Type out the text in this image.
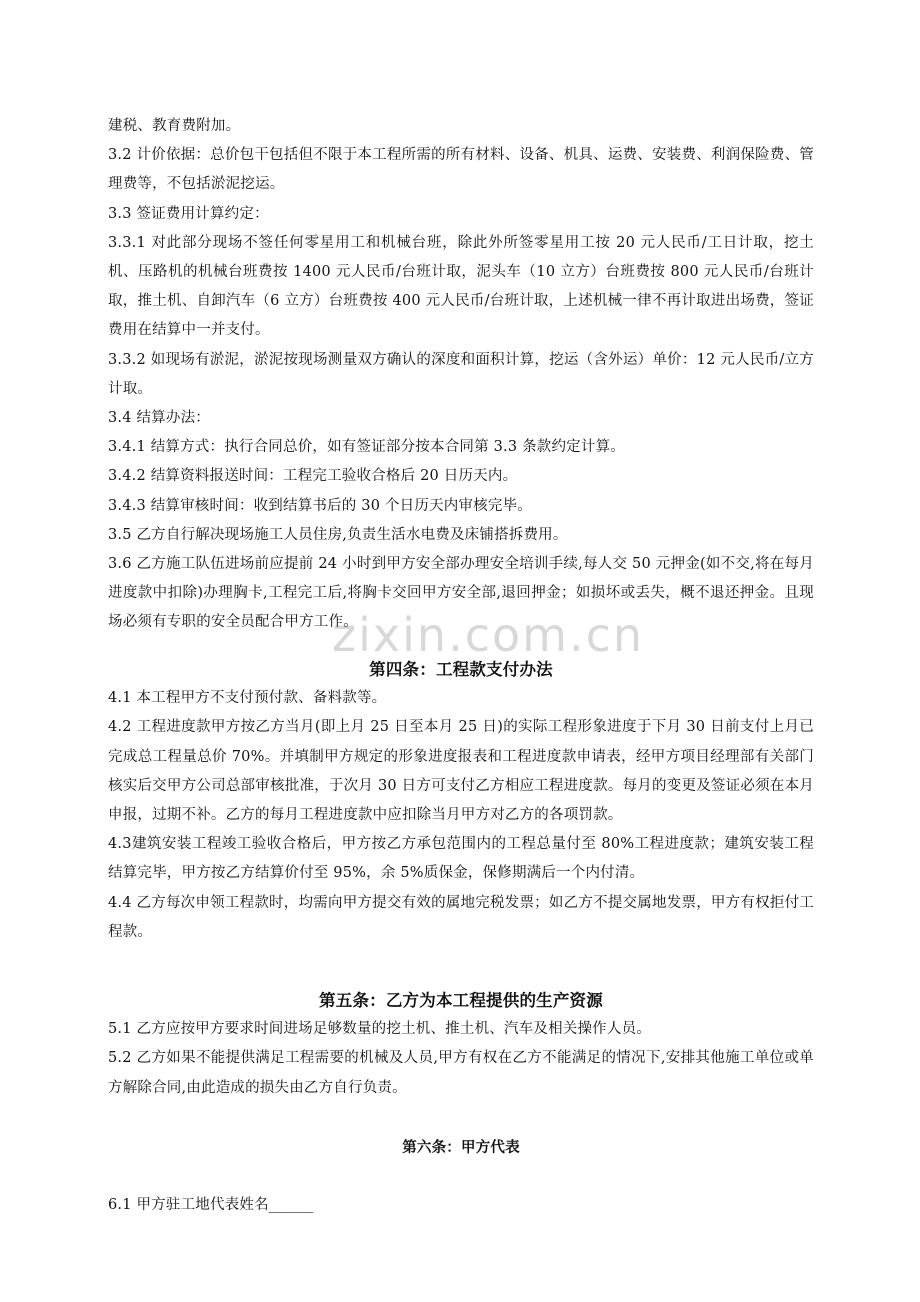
zixin.com.cn

建税、教育费附加。

3.2 计价依据：总价包干包括但不限于本工程所需的所有材料、设备、机具、运费、安装费、利润保险费、管理费等，不包括淤泥挖运。

3.3 签证费用计算约定：

3.3.1 对此部分现场不签任何零星用工和机械台班，除此外所签零星用工按 20 元人民币/工日计取，挖土机、压路机的机械台班费按 1400 元人民币/台班计取，泥头车（10 立方）台班费按 800 元人民币/台班计取，推土机、自卸汽车（6 立方）台班费按 400 元人民币/台班计取，上述机械一律不再计取进出场费，签证费用在结算中一并支付。

3.3.2 如现场有淤泥，淤泥按现场测量双方确认的深度和面积计算，挖运（含外运）单价：12 元人民币/立方计取。

3.4 结算办法：

3.4.1 结算方式：执行合同总价，如有签证部分按本合同第 3.3 条款约定计算。

3.4.2 结算资料报送时间：工程完工验收合格后 20 日历天内。

3.4.3 结算审核时间：收到结算书后的 30 个日历天内审核完毕。

3.5 乙方自行解决现场施工人员住房,负责生活水电费及床铺搭拆费用。

3.6 乙方施工队伍进场前应提前 24 小时到甲方安全部办理安全培训手续,每人交 50 元押金(如不交,将在每月进度款中扣除)办理胸卡,工程完工后,将胸卡交回甲方安全部,退回押金；如损坏或丢失，概不退还押金。且现场必须有专职的安全员配合甲方工作。

第四条：工程款支付办法

4.1 本工程甲方不支付预付款、备料款等。

4.2 工程进度款甲方按乙方当月(即上月 25 日至本月 25 日)的实际工程形象进度于下月 30 日前支付上月已完成总工程量总价 70%。并填制甲方规定的形象进度报表和工程进度款申请表，经甲方项目经理部有关部门核实后交甲方公司总部审核批准，于次月 30 日方可支付乙方相应工程进度款。每月的变更及签证必须在本月申报，过期不补。乙方的每月工程进度款中应扣除当月甲方对乙方的各项罚款。

4.3建筑安装工程竣工验收合格后，甲方按乙方承包范围内的工程总量付至 80%工程进度款；建筑安装工程结算完毕，甲方按乙方结算价付至 95%，余 5%质保金，保修期满后一个内付清。

4.4 乙方每次申领工程款时，均需向甲方提交有效的属地完税发票；如乙方不提交属地发票，甲方有权拒付工程款。

第五条：乙方为本工程提供的生产资源

5.1 乙方应按甲方要求时间进场足够数量的挖土机、推土机、汽车及相关操作人员。

5.2 乙方如果不能提供满足工程需要的机械及人员,甲方有权在乙方不能满足的情况下,安排其他施工单位或单方解除合同,由此造成的损失由乙方自行负责。

第六条：甲方代表

6.1 甲方驻工地代表姓名______
